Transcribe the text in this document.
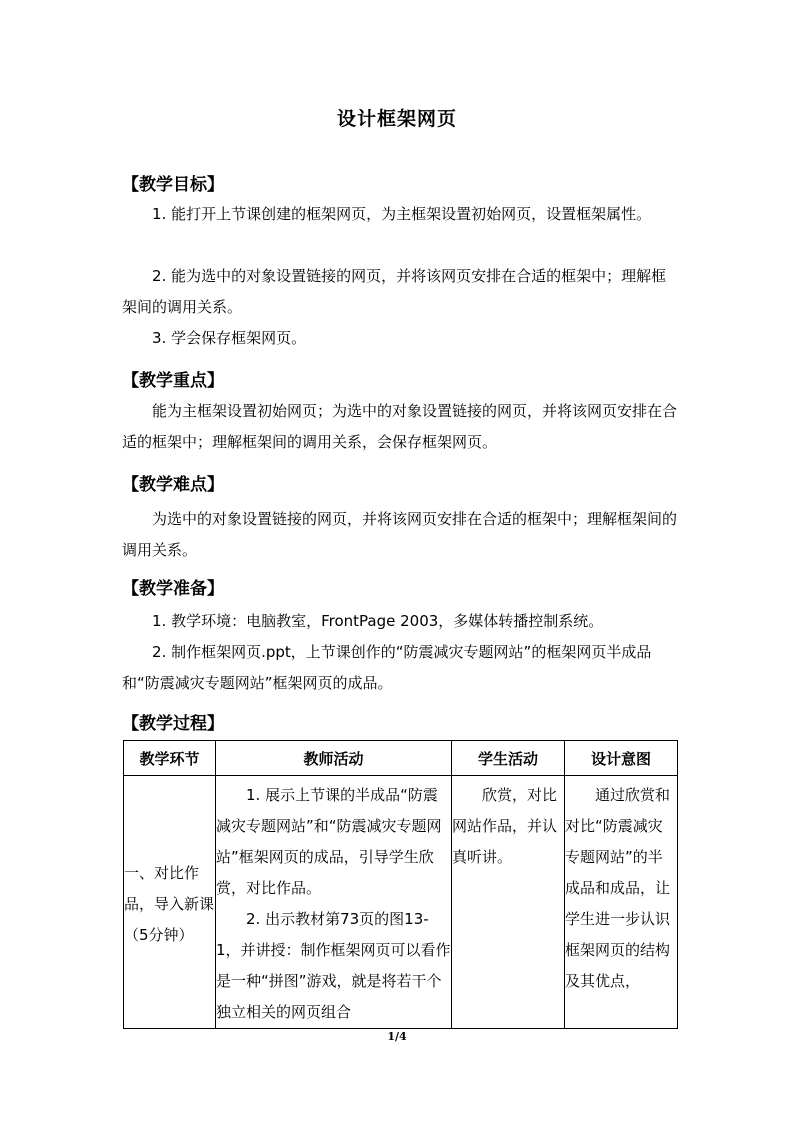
设计框架网页
【教学目标】

1. 能打开上节课创建的框架网页，为主框架设置初始网页，设置框架属性。

2. 能为选中的对象设置链接的网页，并将该网页安排在合适的框架中；理解框架间的调用关系。

3. 学会保存框架网页。

【教学重点】

能为主框架设置初始网页；为选中的对象设置链接的网页，并将该网页安排在合适的框架中；理解框架间的调用关系，会保存框架网页。

【教学难点】

为选中的对象设置链接的网页，并将该网页安排在合适的框架中；理解框架间的调用关系。

【教学准备】

1. 教学环境：电脑教室，FrontPage 2003，多媒体转播控制系统。

2. 制作框架网页.ppt，上节课创作的“防震减灾专题网站”的框架网页半成品和“防震减灾专题网站”框架网页的成品。

【教学过程】
教学环节	教师活动	学生活动	设计意图

一、对比作品，导入新课（5分钟）	1. 展示上节课的半成品“防震减灾专题网站”和“防震减灾专题网站”框架网页的成品，引导学生欣赏，对比作品。
2. 出示教材第73页的图13-1，并讲授：制作框架网页可以看作是一种“拼图”游戏，就是将若干个独立相关的网页组合	欣赏，对比网站作品，并认真听讲。	通过欣赏和对比“防震减灾专题网站”的半成品和成品，让学生进一步认识框架网页的结构及其优点，
1/4
